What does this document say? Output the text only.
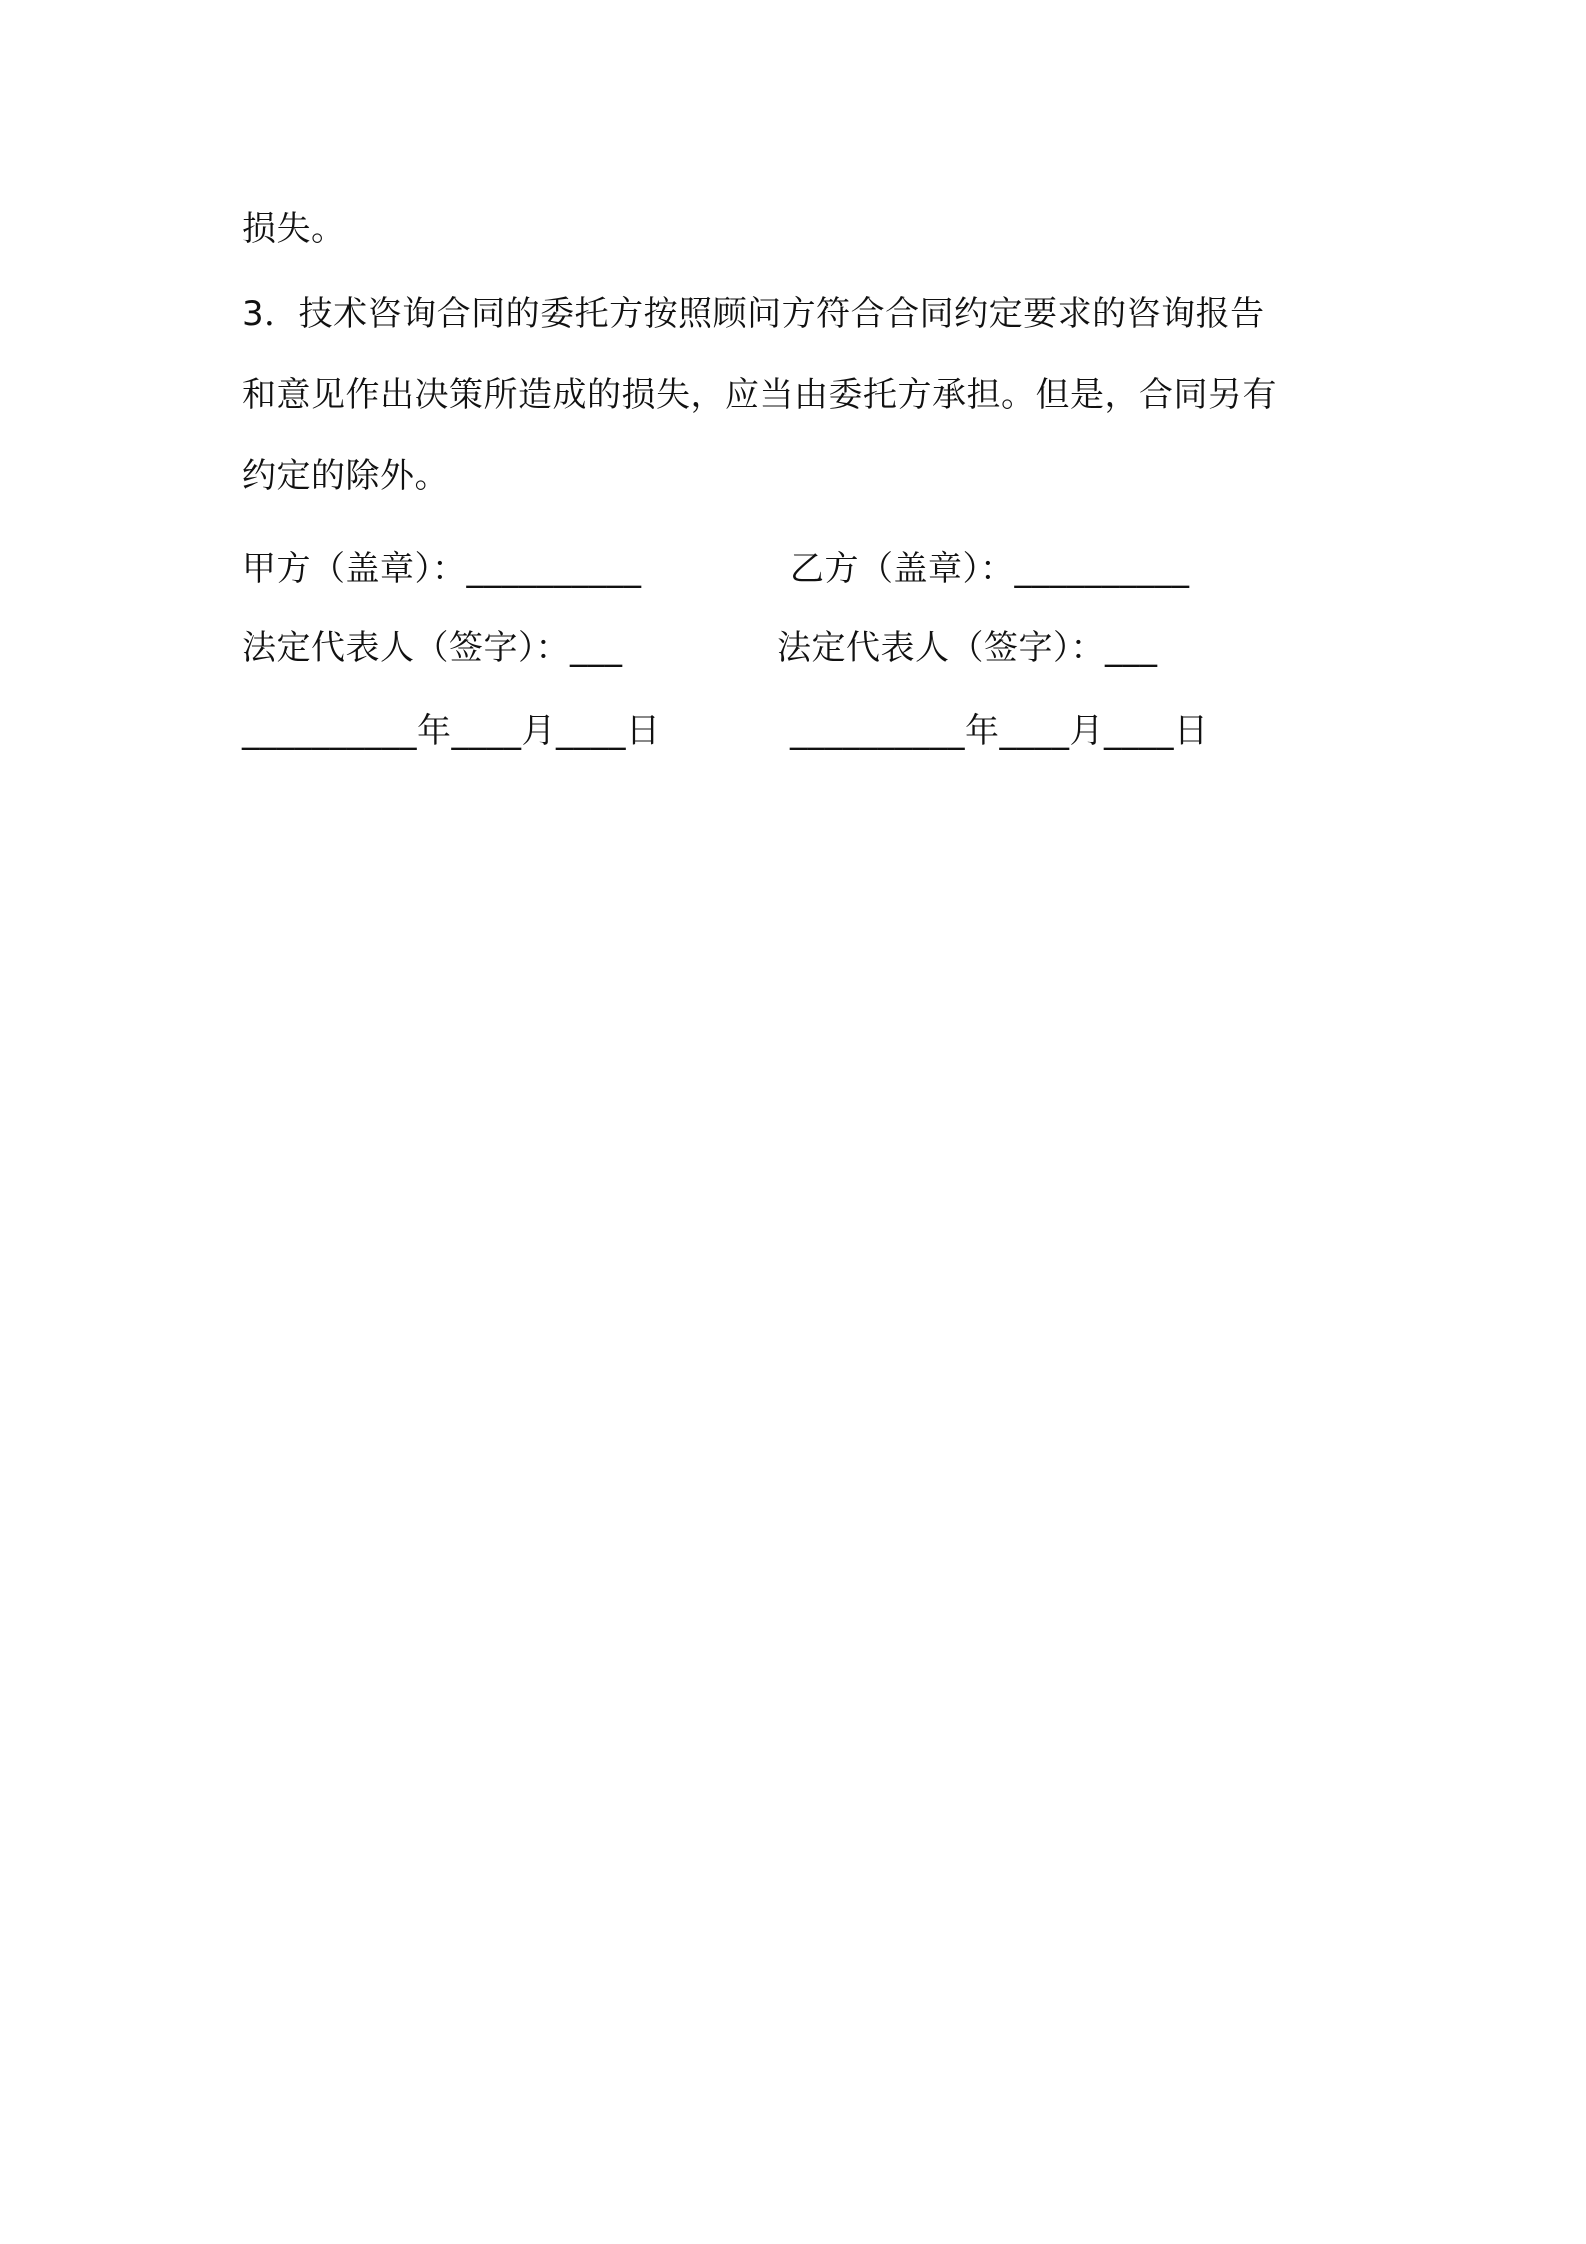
损失。
3．技术咨询合同的委托方按照顾问方符合合同约定要求的咨询报告
和意见作出决策所造成的损失，应当由委托方承担。但是，合同另有
约定的除外。
甲方（盖章）：__________	乙方（盖章）：__________
法定代表人（签字）：___	法定代表人（签字）：___
__________年____月____日	__________年____月____日
